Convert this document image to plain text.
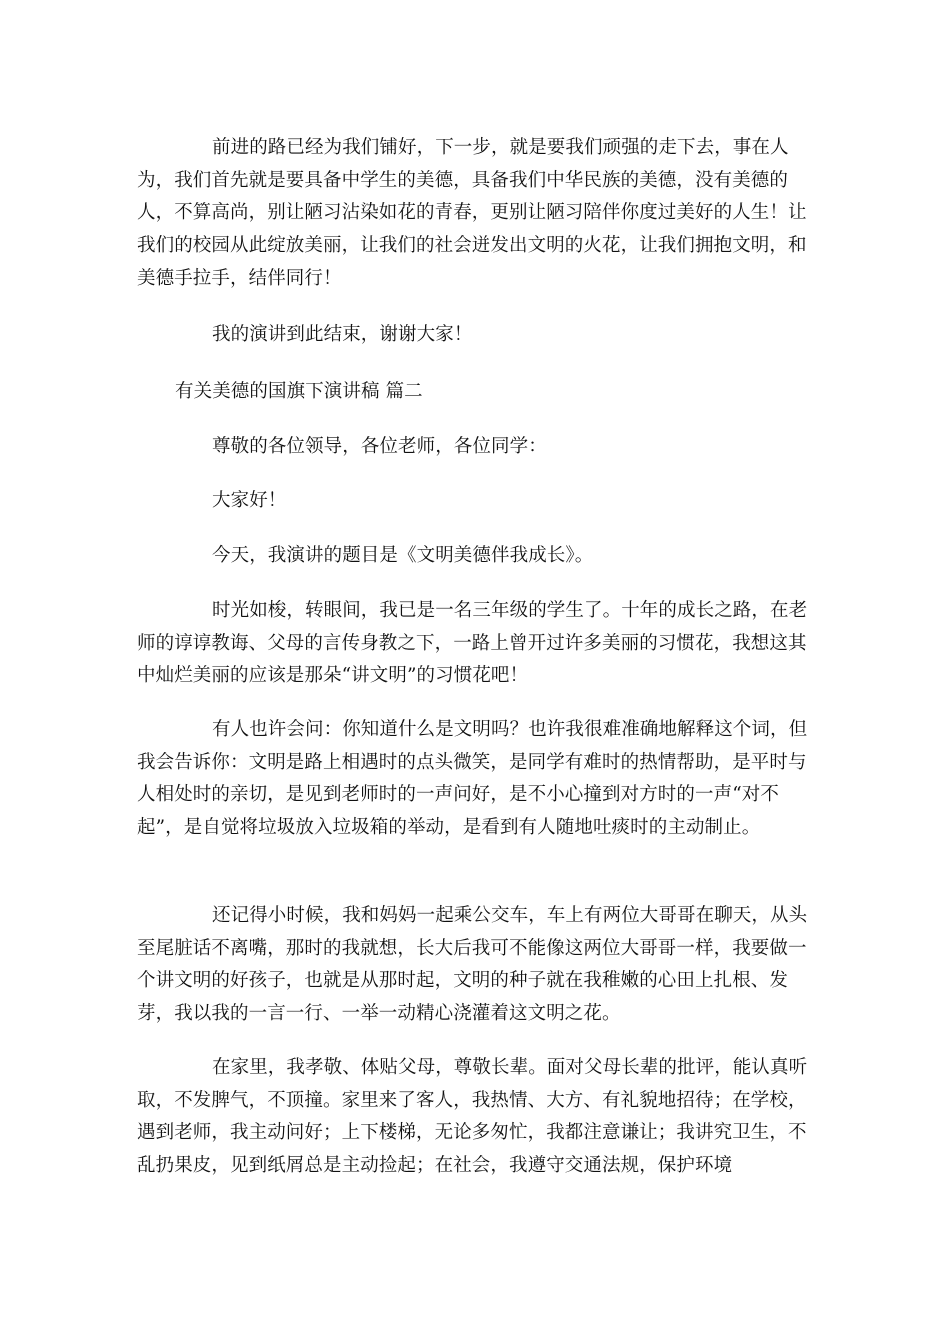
前进的路已经为我们铺好，下一步，就是要我们顽强的走下去，事在人为，我们首先就是要具备中学生的美德，具备我们中华民族的美德，没有美德的人，不算高尚，别让陋习沾染如花的青春，更别让陋习陪伴你度过美好的人生！让我们的校园从此绽放美丽，让我们的社会迸发出文明的火花，让我们拥抱文明，和美德手拉手，结伴同行！

我的演讲到此结束，谢谢大家！

有关美德的国旗下演讲稿 篇二

尊敬的各位领导，各位老师，各位同学：

大家好！

今天，我演讲的题目是《文明美德伴我成长》。

时光如梭，转眼间，我已是一名三年级的学生了。十年的成长之路，在老师的谆谆教诲、父母的言传身教之下，一路上曾开过许多美丽的习惯花，我想这其中灿烂美丽的应该是那朵“讲文明”的习惯花吧！

有人也许会问：你知道什么是文明吗？也许我很难准确地解释这个词，但我会告诉你：文明是路上相遇时的点头微笑，是同学有难时的热情帮助，是平时与人相处时的亲切，是见到老师时的一声问好，是不小心撞到对方时的一声“对不起”，是自觉将垃圾放入垃圾箱的举动，是看到有人随地吐痰时的主动制止。

还记得小时候，我和妈妈一起乘公交车，车上有两位大哥哥在聊天，从头至尾脏话不离嘴，那时的我就想，长大后我可不能像这两位大哥哥一样，我要做一个讲文明的好孩子，也就是从那时起，文明的种子就在我稚嫩的心田上扎根、发芽，我以我的一言一行、一举一动精心浇灌着这文明之花。

在家里，我孝敬、体贴父母，尊敬长辈。面对父母长辈的批评，能认真听取，不发脾气，不顶撞。家里来了客人，我热情、大方、有礼貌地招待；在学校，遇到老师，我主动问好；上下楼梯，无论多匆忙，我都注意谦让；我讲究卫生，不乱扔果皮，见到纸屑总是主动捡起；在社会，我遵守交通法规，保护环境
